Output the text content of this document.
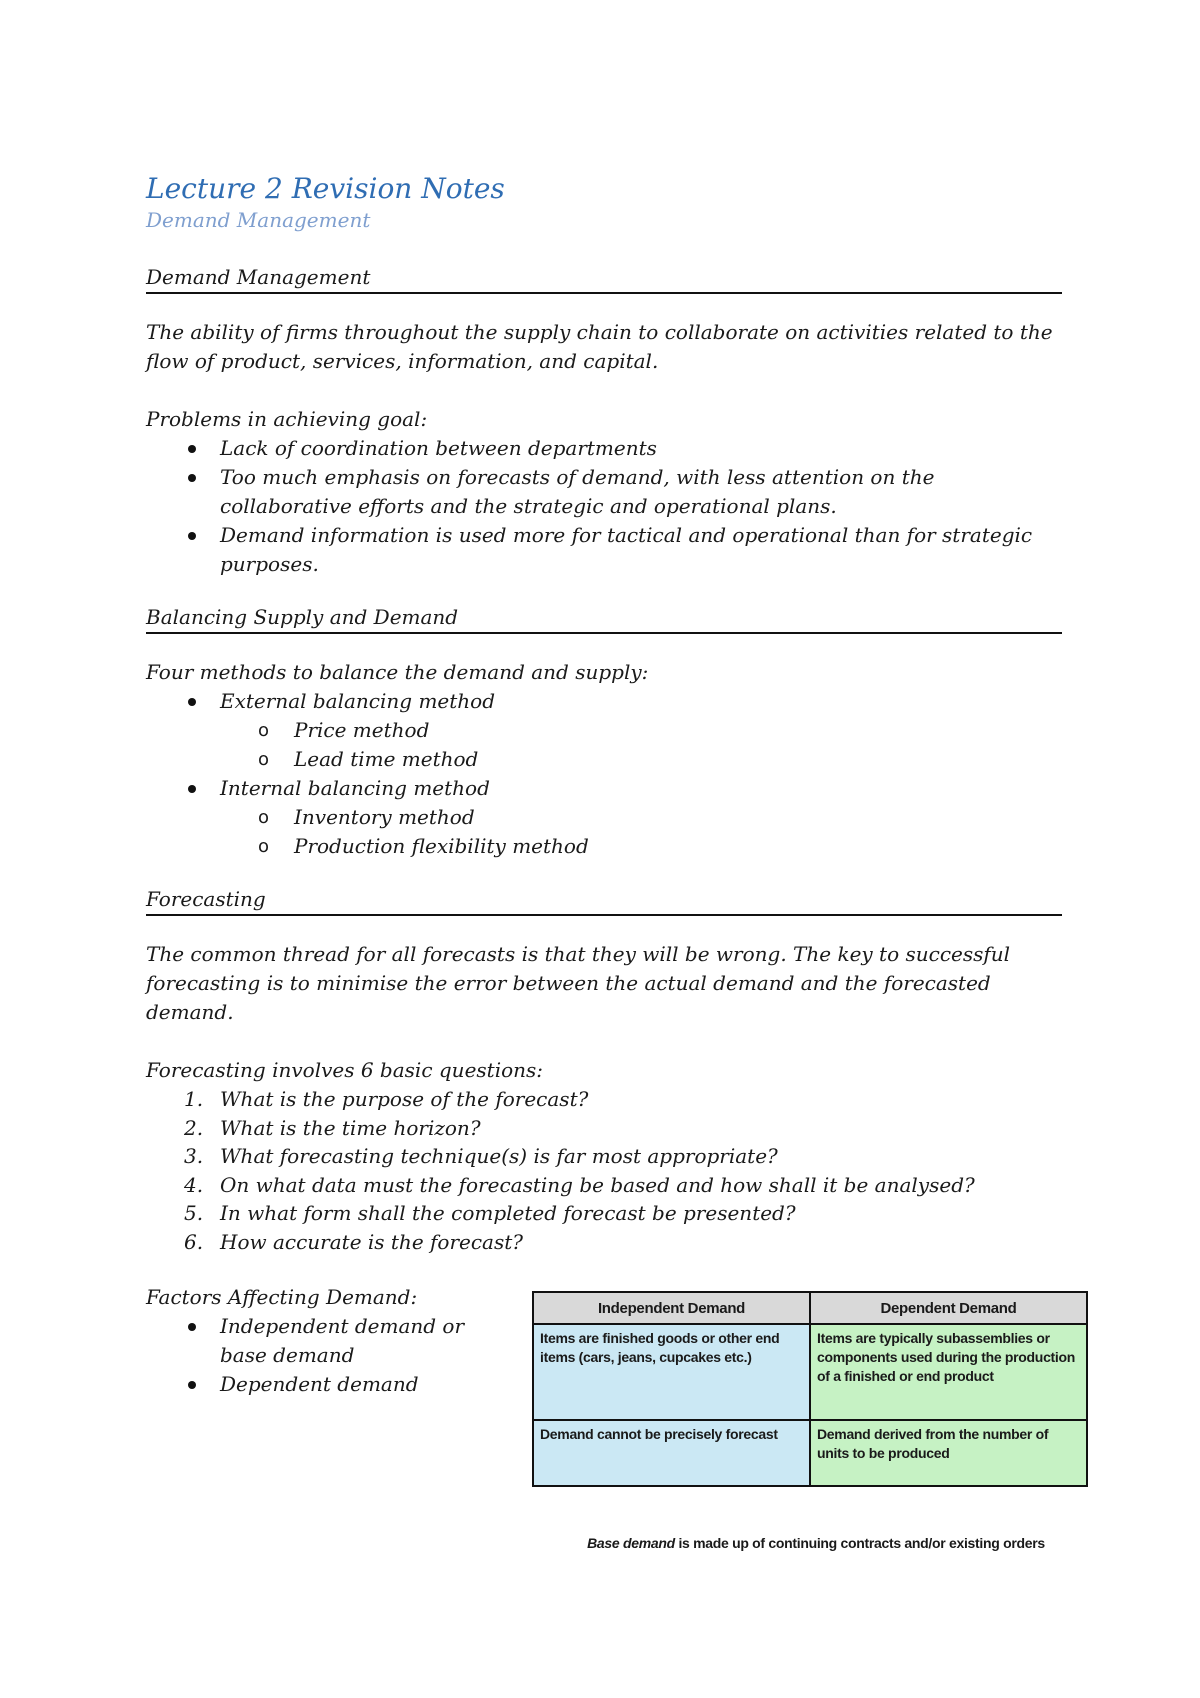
Lecture 2 Revision Notes
Demand Management
Demand Management
The ability of firms throughout the supply chain to collaborate on activities related to the flow of product, services, information, and capital.
Problems in achieving goal:
Lack of coordination between departments
Too much emphasis on forecasts of demand, with less attention on the collaborative efforts and the strategic and operational plans.
Demand information is used more for tactical and operational than for strategic purposes.
Balancing Supply and Demand
Four methods to balance the demand and supply:
External balancing method
o Price method
o Lead time method
Internal balancing method
o Inventory method
o Production flexibility method
Forecasting
The common thread for all forecasts is that they will be wrong. The key to successful forecasting is to minimise the error between the actual demand and the forecasted demand.
Forecasting involves 6 basic questions:
1. What is the purpose of the forecast?
2. What is the time horizon?
3. What forecasting technique(s) is far most appropriate?
4. On what data must the forecasting be based and how shall it be analysed?
5. In what form shall the completed forecast be presented?
6. How accurate is the forecast?
Factors Affecting Demand:
Independent demand or base demand
Dependent demand
Independent Demand	Dependent Demand
Items are finished goods or other end items (cars, jeans, cupcakes etc.)	Items are typically subassemblies or components used during the production of a finished or end product
Demand cannot be precisely forecast	Demand derived from the number of units to be produced
Base demand is made up of continuing contracts and/or existing orders
